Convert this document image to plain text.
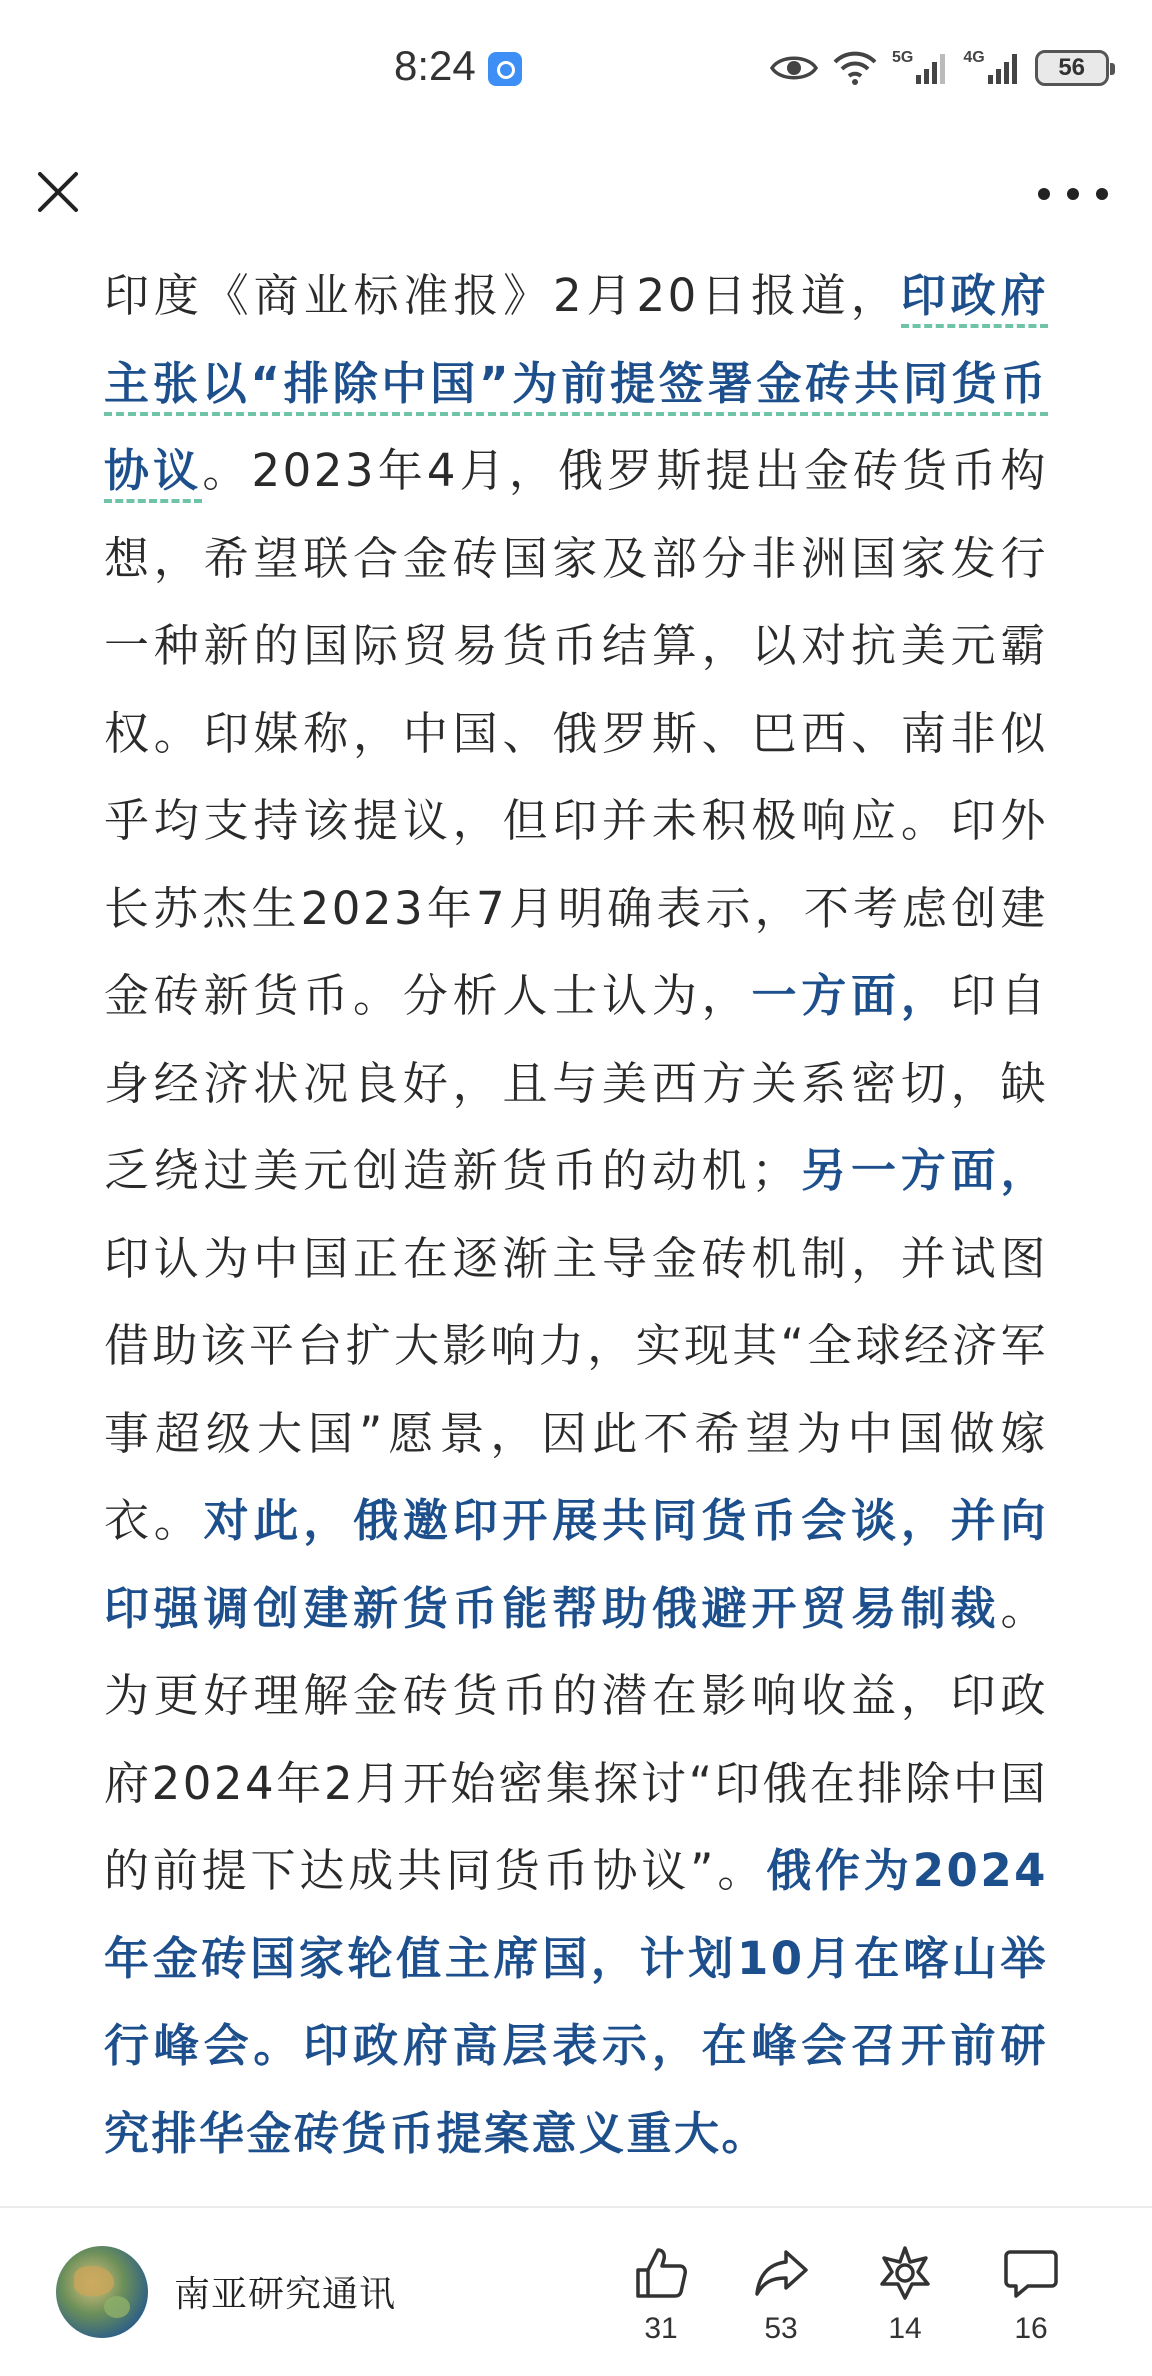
8:24	5G	4G	56

印度《商业标准报》2月20日报道，印政府主张以“排除中国”为前提签署金砖共同货币协议。2023年4月，俄罗斯提出金砖货币构想，希望联合金砖国家及部分非洲国家发行一种新的国际贸易货币结算，以对抗美元霸权。印媒称，中国、俄罗斯、巴西、南非似乎均支持该提议，但印并未积极响应。印外长苏杰生2023年7月明确表示，不考虑创建金砖新货币。分析人士认为，一方面，印自身经济状况良好，且与美西方关系密切，缺乏绕过美元创造新货币的动机；另一方面，印认为中国正在逐渐主导金砖机制，并试图借助该平台扩大影响力，实现其“全球经济军事超级大国”愿景，因此不希望为中国做嫁衣。对此，俄邀印开展共同货币会谈，并向印强调创建新货币能帮助俄避开贸易制裁。为更好理解金砖货币的潜在影响收益，印政府2024年2月开始密集探讨“印俄在排除中国的前提下达成共同货币协议”。俄作为2024年金砖国家轮值主席国，计划10月在喀山举行峰会。印政府高层表示，在峰会召开前研究排华金砖货币提案意义重大。

南亚研究通讯
31	53	14	16
